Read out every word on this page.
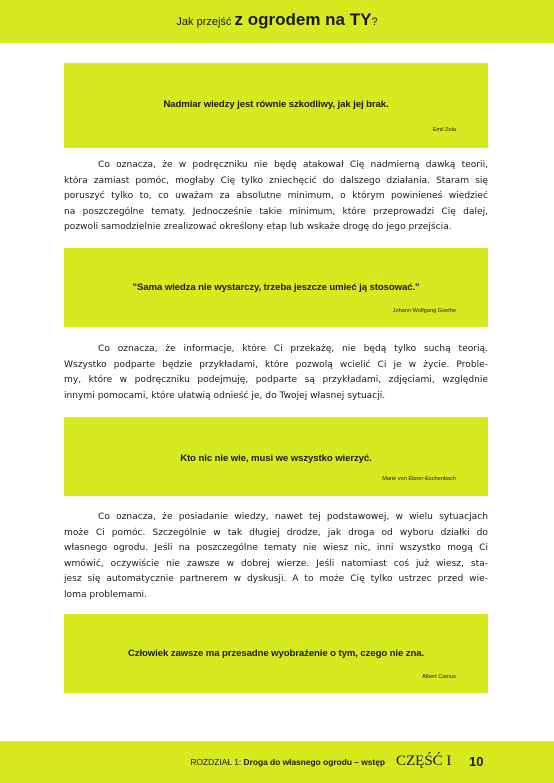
Jak przejść z ogrodem na TY?
Nadmiar wiedzy jest równie szkodliwy, jak jej brak.
Emil Zola
Co oznacza, że w podręczniku nie będę atakował Cię nadmierną dawką teorii,
która zamiast pomóc, mogłaby Cię tylko zniechęcić do dalszego działania. Staram się
poruszyć tylko to, co uważam za absolutne minimum, o którym powinieneś wiedzieć
na poszczególne tematy. Jednocześnie takie minimum, które przeprowadzi Cię dalej,
pozwoli samodzielnie zrealizować określony etap lub wskaże drogę do jego przejścia.
"Sama wiedza nie wystarczy, trzeba jeszcze umieć ją stosować."
Johann Wolfgang Goethe
Co oznacza, że informacje, które Ci przekażę, nie będą tylko suchą teorią.
Wszystko podparte będzie przykładami, które pozwolą wcielić Ci je w życie. Proble-
my, które w podręczniku podejmuję, podparte są przykładami, zdjęciami, względnie
innymi pomocami, które ułatwią odnieść je, do Twojej własnej sytuacji.
Kto nic nie wie, musi we wszystko wierzyć.
Marie von Ebner-Eschenbach
Co oznacza, że posiadanie wiedzy, nawet tej podstawowej, w wielu sytuacjach
może Ci pomóc. Szczególnie w tak długiej drodze, jak droga od wyboru działki do
własnego ogrodu. Jeśli na poszczególne tematy nie wiesz nic, inni wszystko mogą Ci
wmówić, oczywiście nie zawsze w dobrej wierze. Jeśli natomiast coś już wiesz, sta-
jesz się automatycznie partnerem w dyskusji. A to może Cię tylko ustrzec przed wie-
loma problemami.
Człowiek zawsze ma przesadne wyobrażenie o tym, czego nie zna.
Albert Camus
ROZDZIAŁ 1: Droga do własnego ogrodu – wstęp CZĘŚĆ I 10
